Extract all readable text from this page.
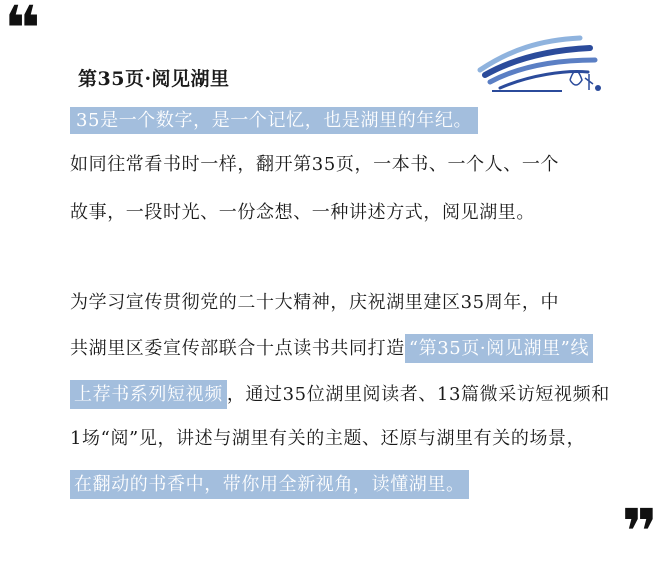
❝
第35页·阅见湖里
35是一个数字，是一个记忆，也是湖里的年纪。
如同往常看书时一样，翻开第35页，一本书、一个人、一个
故事，一段时光、一份念想、一种讲述方式，阅见湖里。
为学习宣传贯彻党的二十大精神，庆祝湖里建区35周年，中
共湖里区委宣传部联合十点读书共同打造 “第35页·阅见湖里”线
上荐书系列短视频 ，通过35位湖里阅读者、13篇微采访短视频和
1场“阅”见，讲述与湖里有关的主题、还原与湖里有关的场景，
在翻动的书香中，带你用全新视角，读懂湖里。
❞
